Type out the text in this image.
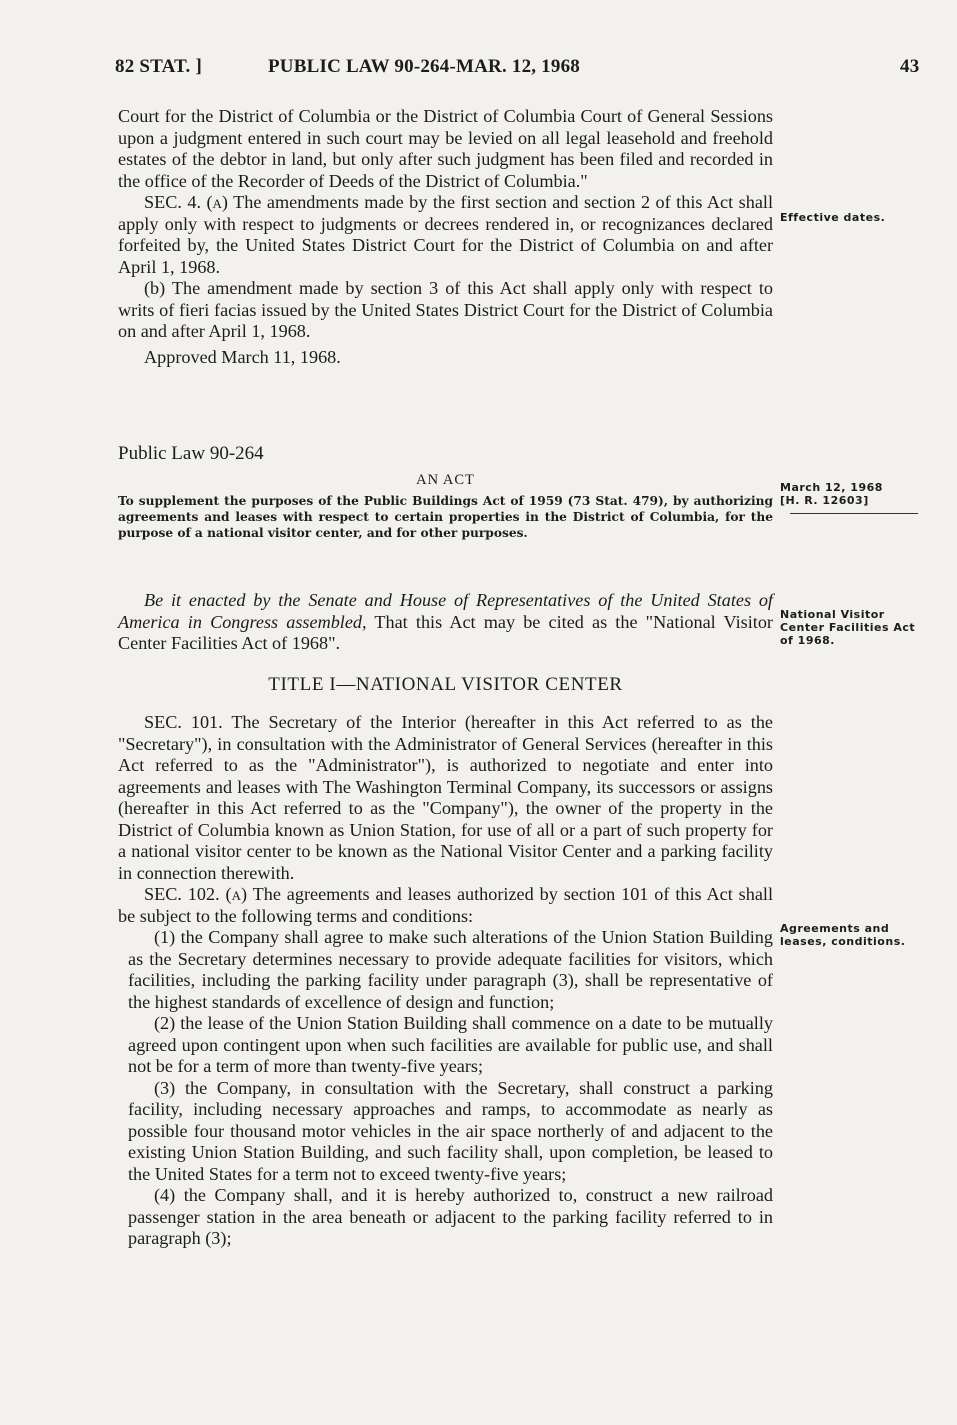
82 STAT. ]	PUBLIC LAW 90-264-MAR. 12, 1968	43

Court for the District of Columbia or the District of Columbia Court of General Sessions upon a judgment entered in such court may be levied on all legal leasehold and freehold estates of the debtor in land, but only after such judgment has been filed and recorded in the office of the Recorder of Deeds of the District of Columbia."

SEC. 4. (a) The amendments made by the first section and section 2 of this Act shall apply only with respect to judgments or decrees rendered in, or recognizances declared forfeited by, the United States District Court for the District of Columbia on and after April 1, 1968.

(b) The amendment made by section 3 of this Act shall apply only with respect to writs of fieri facias issued by the United States District Court for the District of Columbia on and after April 1, 1968.

Approved March 11, 1968.

Effective dates.
Public Law 90-264
AN ACT	March 12, 1968
[H. R. 12603]
To supplement the purposes of the Public Buildings Act of 1959 (73 Stat. 479), by authorizing agreements and leases with respect to certain properties in the District of Columbia, for the purpose of a national visitor center, and for other purposes.

Be it enacted by the Senate and House of Representatives of the United States of America in Congress assembled, That this Act may be cited as the "National Visitor Center Facilities Act of 1968".

National Visitor Center Facilities Act of 1968.
TITLE I—NATIONAL VISITOR CENTER

SEC. 101. The Secretary of the Interior (hereafter in this Act referred to as the "Secretary"), in consultation with the Administrator of General Services (hereafter in this Act referred to as the "Administrator"), is authorized to negotiate and enter into agreements and leases with The Washington Terminal Company, its successors or assigns (hereafter in this Act referred to as the "Company"), the owner of the property in the District of Columbia known as Union Station, for use of all or a part of such property for a national visitor center to be known as the National Visitor Center and a parking facility in connection therewith.

SEC. 102. (a) The agreements and leases authorized by section 101 of this Act shall be subject to the following terms and conditions:

(1) the Company shall agree to make such alterations of the Union Station Building as the Secretary determines necessary to provide adequate facilities for visitors, which facilities, including the parking facility under paragraph (3), shall be representative of the highest standards of excellence of design and function;

(2) the lease of the Union Station Building shall commence on a date to be mutually agreed upon contingent upon when such facilities are available for public use, and shall not be for a term of more than twenty-five years;

(3) the Company, in consultation with the Secretary, shall construct a parking facility, including necessary approaches and ramps, to accommodate as nearly as possible four thousand motor vehicles in the air space northerly of and adjacent to the existing Union Station Building, and such facility shall, upon completion, be leased to the United States for a term not to exceed twenty-five years;

(4) the Company shall, and it is hereby authorized to, construct a new railroad passenger station in the area beneath or adjacent to the parking facility referred to in paragraph (3);

Agreements and leases, conditions.
